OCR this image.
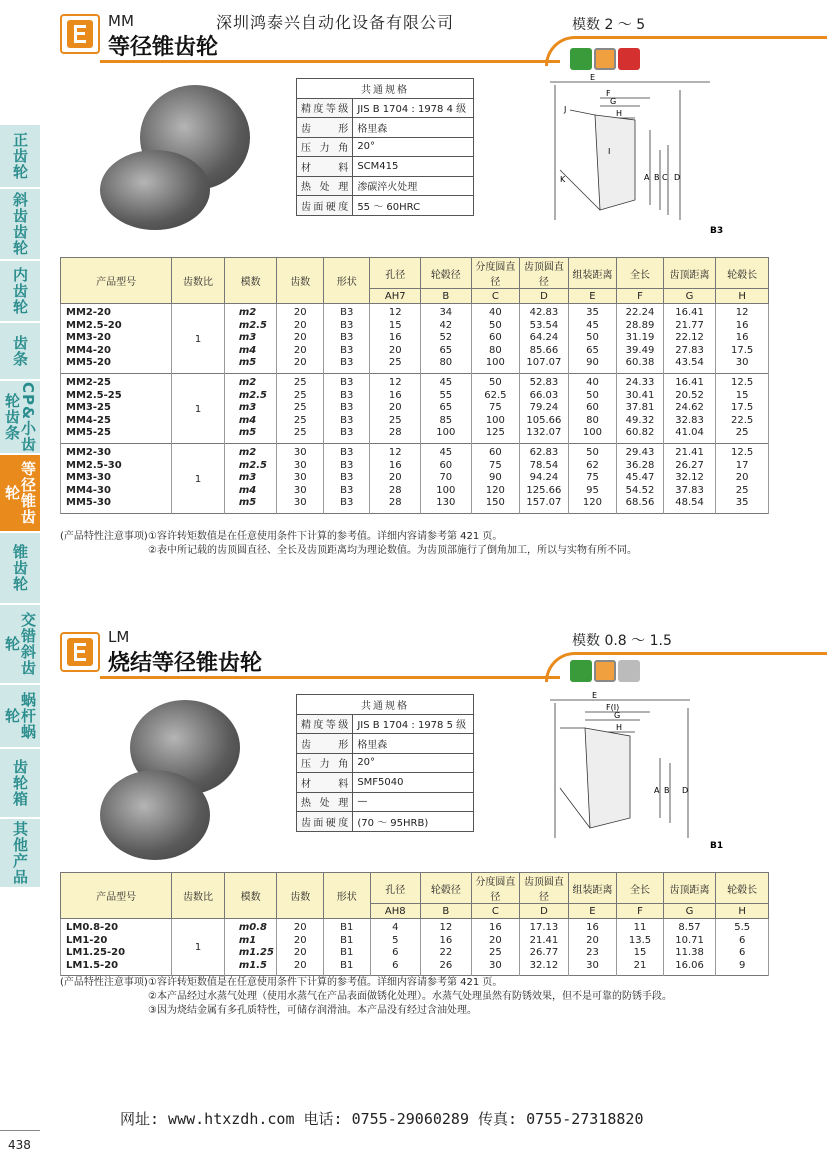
正齿轮
斜齿齿轮
内齿轮
齿条
CP&小齿轮齿条
等径锥齿轮
锥齿轮
交错斜齿轮
蜗杆蜗轮
齿轮箱
其他产品
MM
等径锥齿轮
深圳鸿泰兴自动化设备有限公司	模数 2 ～ 5
共通规格	
精度等级	JIS B 1704 : 1978 4 级
齿形	格里森
压力角	20°
材料	SCM415
热处理	渗碳淬火处理
齿面硬度	55 ～ 60HRC
E
F
G
H
I
A B C D
K
J
B3
产品型号	齿数比	模数	齿数	形状	孔径	轮毂径	分度圆直径	齿顶圆直径	组装距离	全长	齿顶距离	轮毂长
					AH7	B	C	D	E	F	G	H
MM2-20	1	m2	20	B3	12	34	40	42.83	35	22.24	16.41	12
MM2.5-20		m2.5	20	B3	15	42	50	53.54	45	28.89	21.77	16
MM3-20		m3	20	B3	16	52	60	64.24	50	31.19	22.12	16
MM4-20		m4	20	B3	20	65	80	85.66	65	39.49	27.83	17.5
MM5-20		m5	20	B3	25	80	100	107.07	90	60.38	43.54	30
MM2-25	1	m2	25	B3	12	45	50	52.83	40	24.33	16.41	12.5
MM2.5-25		m2.5	25	B3	16	55	62.5	66.03	50	30.41	20.52	15
MM3-25		m3	25	B3	20	65	75	79.24	60	37.81	24.62	17.5
MM4-25		m4	25	B3	25	85	100	105.66	80	49.32	32.83	22.5
MM5-25		m5	25	B3	28	100	125	132.07	100	60.82	41.04	25
MM2-30	1	m2	30	B3	12	45	60	62.83	50	29.43	21.41	12.5
MM2.5-30		m2.5	30	B3	16	60	75	78.54	62	36.28	26.27	17
MM3-30		m3	30	B3	20	70	90	94.24	75	45.47	32.12	20
MM4-30		m4	30	B3	28	100	120	125.66	95	54.52	37.83	25
MM5-30		m5	30	B3	28	130	150	157.07	120	68.56	48.54	35
(产品特性注意事项)①容许转矩数值是在任意使用条件下计算的参考值。详细内容请参考第 421 页。
②表中所记载的齿顶圆直径、全长及齿顶距离均为理论数值。为齿顶部施行了倒角加工，所以与实物有所不同。
LM
烧结等径锥齿轮
模数 0.8 ～ 1.5
共通规格	
精度等级	JIS B 1704 : 1978 5 级
齿形	格里森
压力角	20°
材料	SMF5040
热处理	—
齿面硬度	(70 ～ 95HRB)
E
F(I)
G
H
A B D
B1
产品型号	齿数比	模数	齿数	形状	孔径	轮毂径	分度圆直径	齿顶圆直径	组装距离	全长	齿顶距离	轮毂长
					AH8	B	C	D	E	F	G	H
LM0.8-20	1	m0.8	20	B1	4	12	16	17.13	16	11	8.57	5.5
LM1-20		m1	20	B1	5	16	20	21.41	20	13.5	10.71	6
LM1.25-20		m1.25	20	B1	6	22	25	26.77	23	15	11.38	6
LM1.5-20		m1.5	20	B1	6	26	30	32.12	30	21	16.06	9
(产品特性注意事项)①容许转矩数值是在任意使用条件下计算的参考值。详细内容请参考第 421 页。
②本产品经过水蒸气处理（使用水蒸气在产品表面做锈化处理）。水蒸气处理虽然有防锈效果，但不是可靠的防锈手段。
③因为烧结金属有多孔质特性，可储存润滑油。本产品没有经过含油处理。
网址: www.htxzdh.com 电话: 0755-29060289 传真: 0755-27318820
438
